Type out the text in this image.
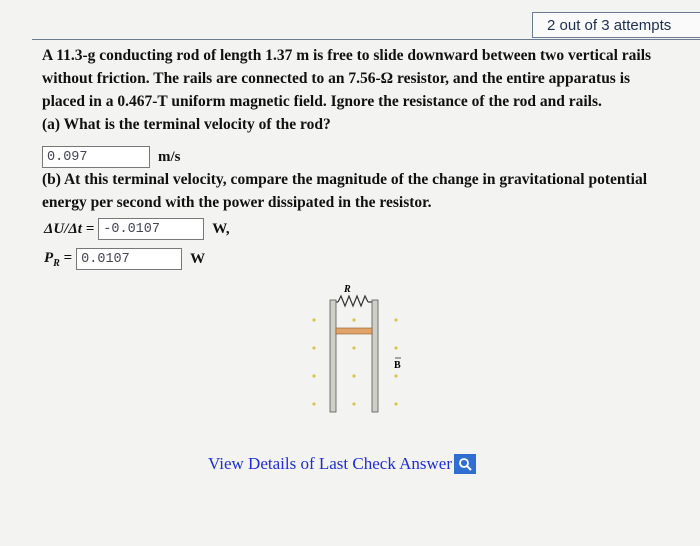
2 out of 3 attempts

A 11.3-g conducting rod of length 1.37 m is free to slide downward between two vertical rails

without friction. The rails are connected to an 7.56-Ω resistor, and the entire apparatus is

placed in a 0.467-T uniform magnetic field. Ignore the resistance of the rod and rails.

(a) What is the terminal velocity of the rod?

0.097
m/s

(b) At this terminal velocity, compare the magnitude of the change in gravitational potential

energy per second with the power dissipated in the resistor.

ΔU/Δt =
-0.0107	W,
$P_R$ =
0.0107	W
R
B
View Details of Last Check Answer
